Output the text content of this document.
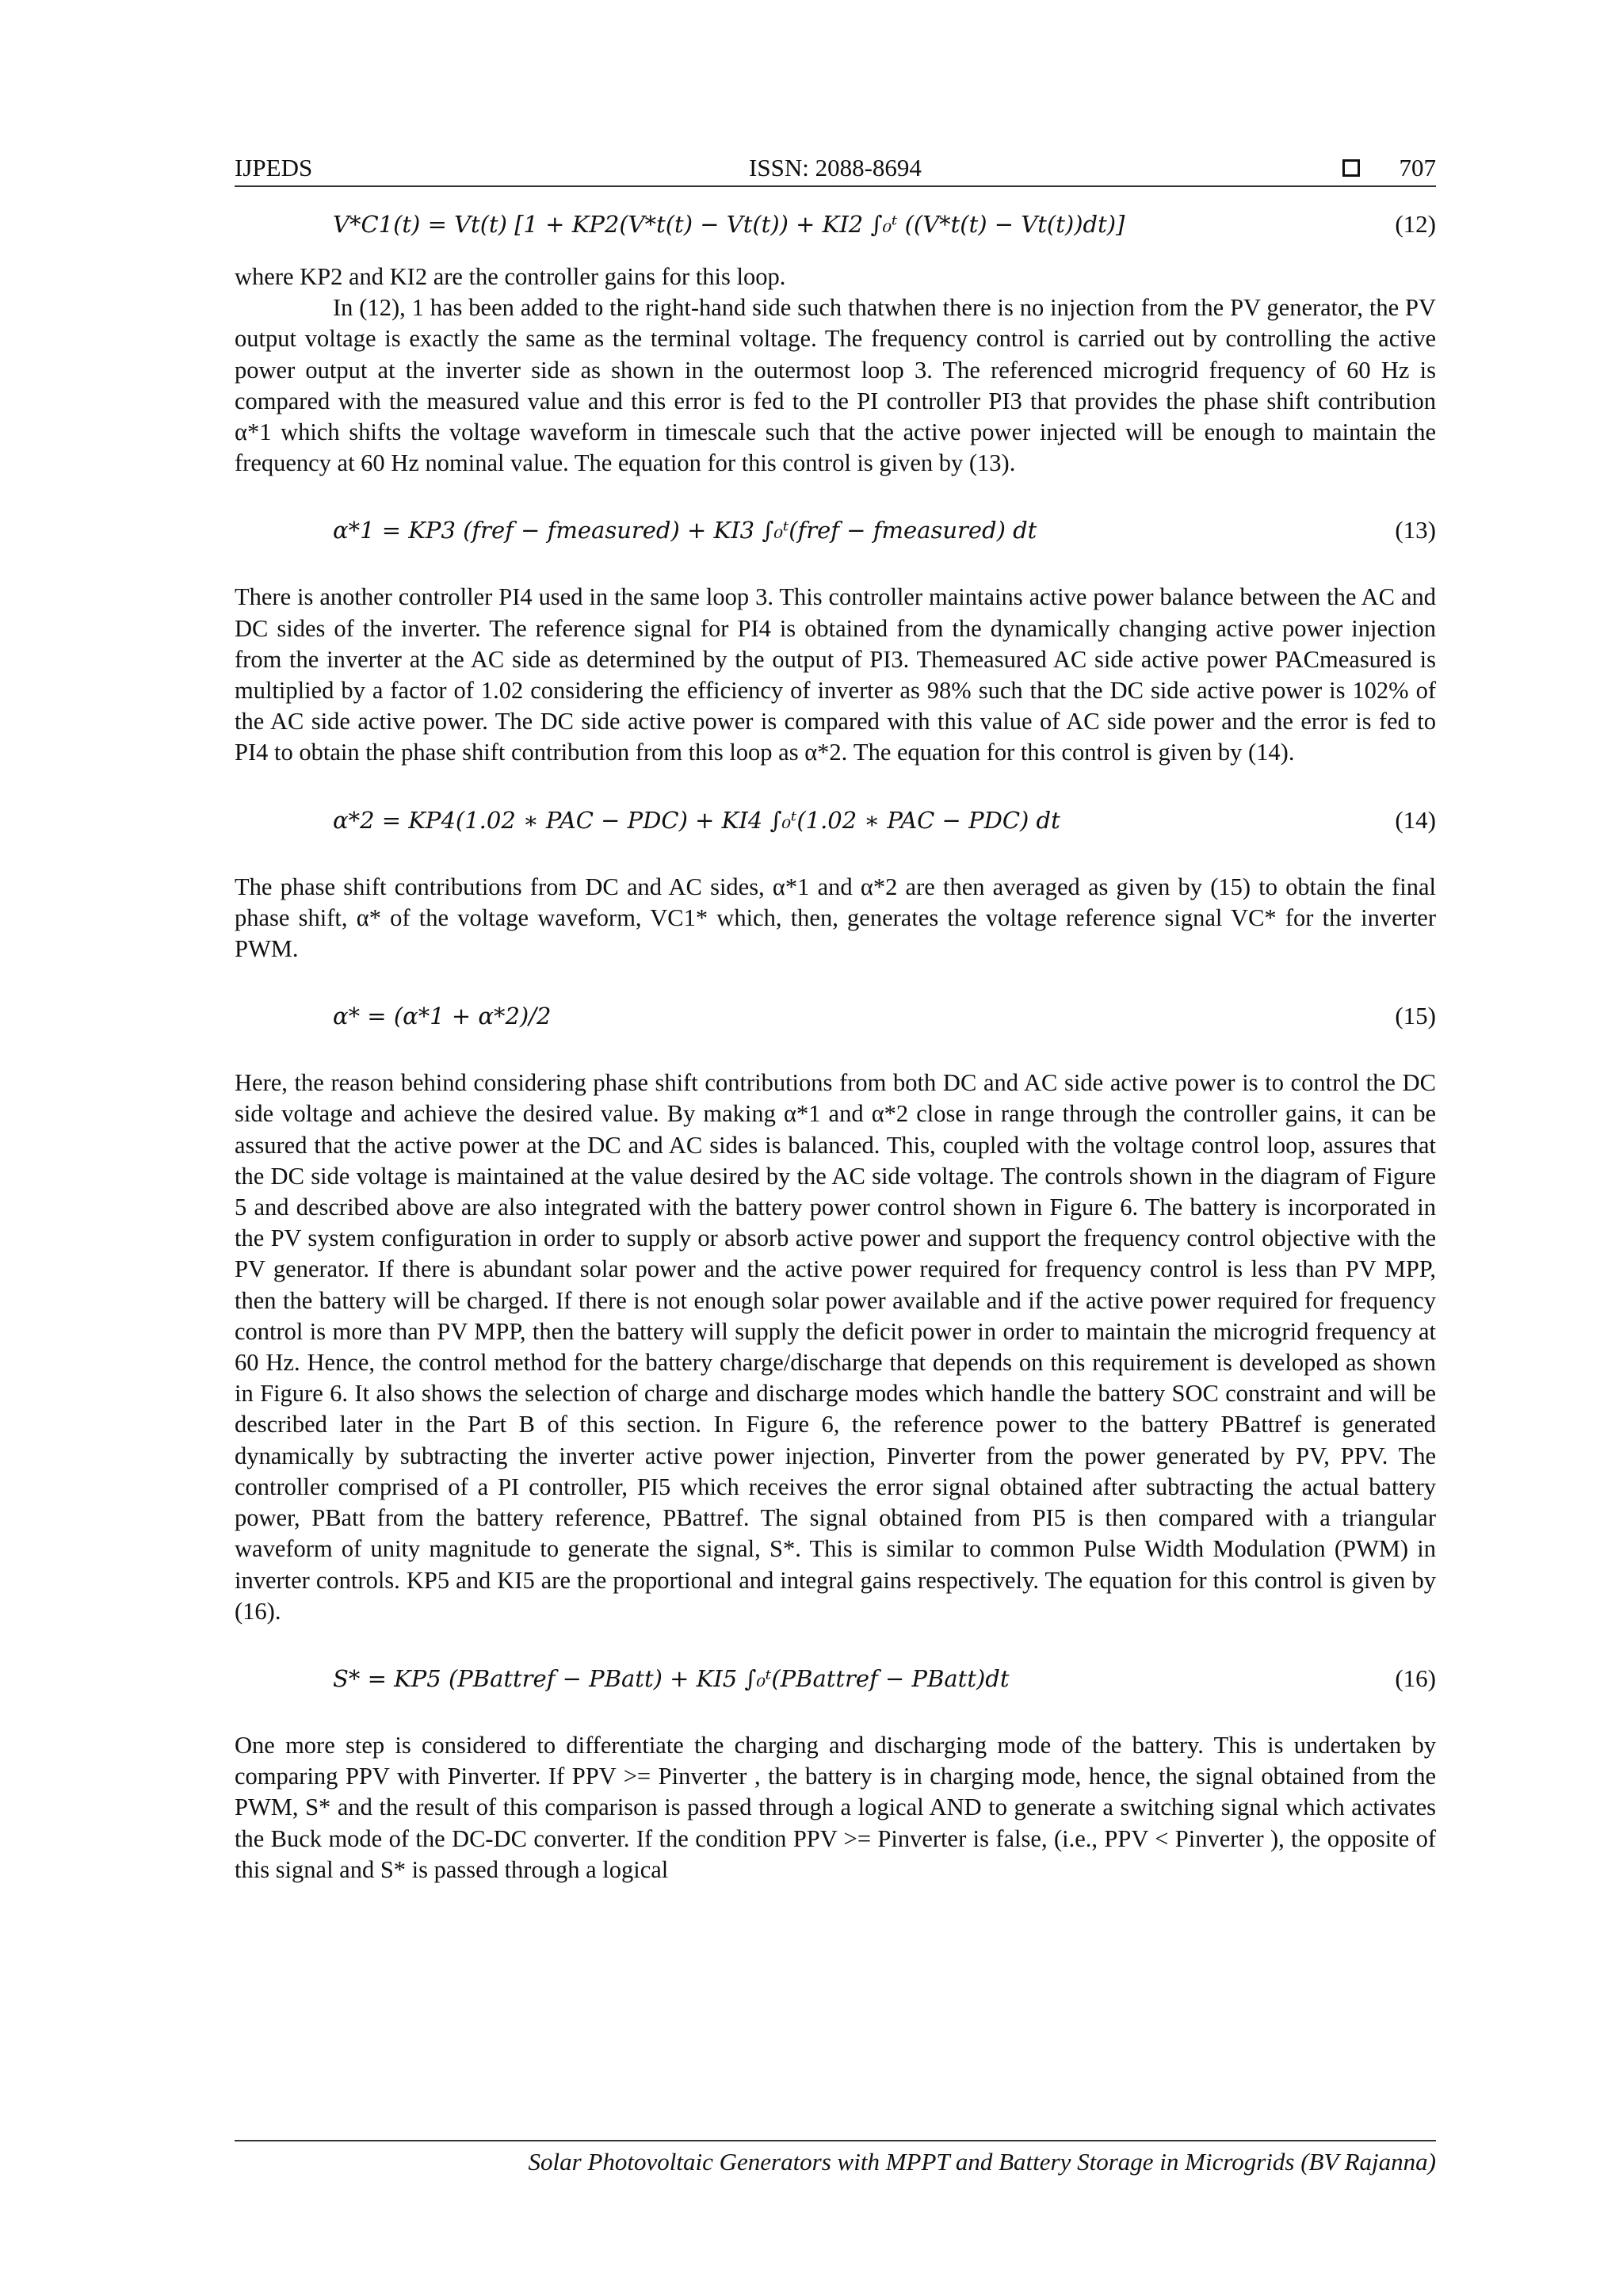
IJPEDS	ISSN: 2088-8694	707
V*C1(t) = Vt(t) [1 + KP2(V*t(t) − Vt(t)) + KI2 ∫₀ᵗ ((V*t(t) − Vt(t))dt)]	(12)

where KP2 and KI2 are the controller gains for this loop.

In (12), 1 has been added to the right-hand side such thatwhen there is no injection from the PV generator, the PV output voltage is exactly the same as the terminal voltage. The frequency control is carried out by controlling the active power output at the inverter side as shown in the outermost loop 3. The referenced microgrid frequency of 60 Hz is compared with the measured value and this error is fed to the PI controller PI3 that provides the phase shift contribution α*1 which shifts the voltage waveform in timescale such that the active power injected will be enough to maintain the frequency at 60 Hz nominal value. The equation for this control is given by (13).

α*1 = KP3 (fref − fmeasured) + KI3 ∫₀ᵗ(fref − fmeasured) dt	(13)

There is another controller PI4 used in the same loop 3. This controller maintains active power balance between the AC and DC sides of the inverter. The reference signal for PI4 is obtained from the dynamically changing active power injection from the inverter at the AC side as determined by the output of PI3. Themeasured AC side active power PACmeasured is multiplied by a factor of 1.02 considering the efficiency of inverter as 98% such that the DC side active power is 102% of the AC side active power. The DC side active power is compared with this value of AC side power and the error is fed to PI4 to obtain the phase shift contribution from this loop as α*2. The equation for this control is given by (14).

α*2 = KP4(1.02 ∗ PAC − PDC) + KI4 ∫₀ᵗ(1.02 ∗ PAC − PDC) dt	(14)

The phase shift contributions from DC and AC sides, α*1 and α*2 are then averaged as given by (15) to obtain the final phase shift, α* of the voltage waveform, VC1* which, then, generates the voltage reference signal VC* for the inverter PWM.

α* = (α*1 + α*2)/2	(15)

Here, the reason behind considering phase shift contributions from both DC and AC side active power is to control the DC side voltage and achieve the desired value. By making α*1 and α*2 close in range through the controller gains, it can be assured that the active power at the DC and AC sides is balanced. This, coupled with the voltage control loop, assures that the DC side voltage is maintained at the value desired by the AC side voltage. The controls shown in the diagram of Figure 5 and described above are also integrated with the battery power control shown in Figure 6. The battery is incorporated in the PV system configuration in order to supply or absorb active power and support the frequency control objective with the PV generator. If there is abundant solar power and the active power required for frequency control is less than PV MPP, then the battery will be charged. If there is not enough solar power available and if the active power required for frequency control is more than PV MPP, then the battery will supply the deficit power in order to maintain the microgrid frequency at 60 Hz. Hence, the control method for the battery charge/discharge that depends on this requirement is developed as shown in Figure 6. It also shows the selection of charge and discharge modes which handle the battery SOC constraint and will be described later in the Part B of this section. In Figure 6, the reference power to the battery PBattref is generated dynamically by subtracting the inverter active power injection, Pinverter from the power generated by PV, PPV. The controller comprised of a PI controller, PI5 which receives the error signal obtained after subtracting the actual battery power, PBatt from the battery reference, PBattref. The signal obtained from PI5 is then compared with a triangular waveform of unity magnitude to generate the signal, S*. This is similar to common Pulse Width Modulation (PWM) in inverter controls. KP5 and KI5 are the proportional and integral gains respectively. The equation for this control is given by (16).

S* = KP5 (PBattref − PBatt) + KI5 ∫₀ᵗ(PBattref − PBatt)dt	(16)

One more step is considered to differentiate the charging and discharging mode of the battery. This is undertaken by comparing PPV with Pinverter. If PPV >= Pinverter , the battery is in charging mode, hence, the signal obtained from the PWM, S* and the result of this comparison is passed through a logical AND to generate a switching signal which activates the Buck mode of the DC-DC converter. If the condition PPV >= Pinverter is false, (i.e., PPV < Pinverter ), the opposite of this signal and S* is passed through a logical

Solar Photovoltaic Generators with MPPT and Battery Storage in Microgrids (BV Rajanna)
